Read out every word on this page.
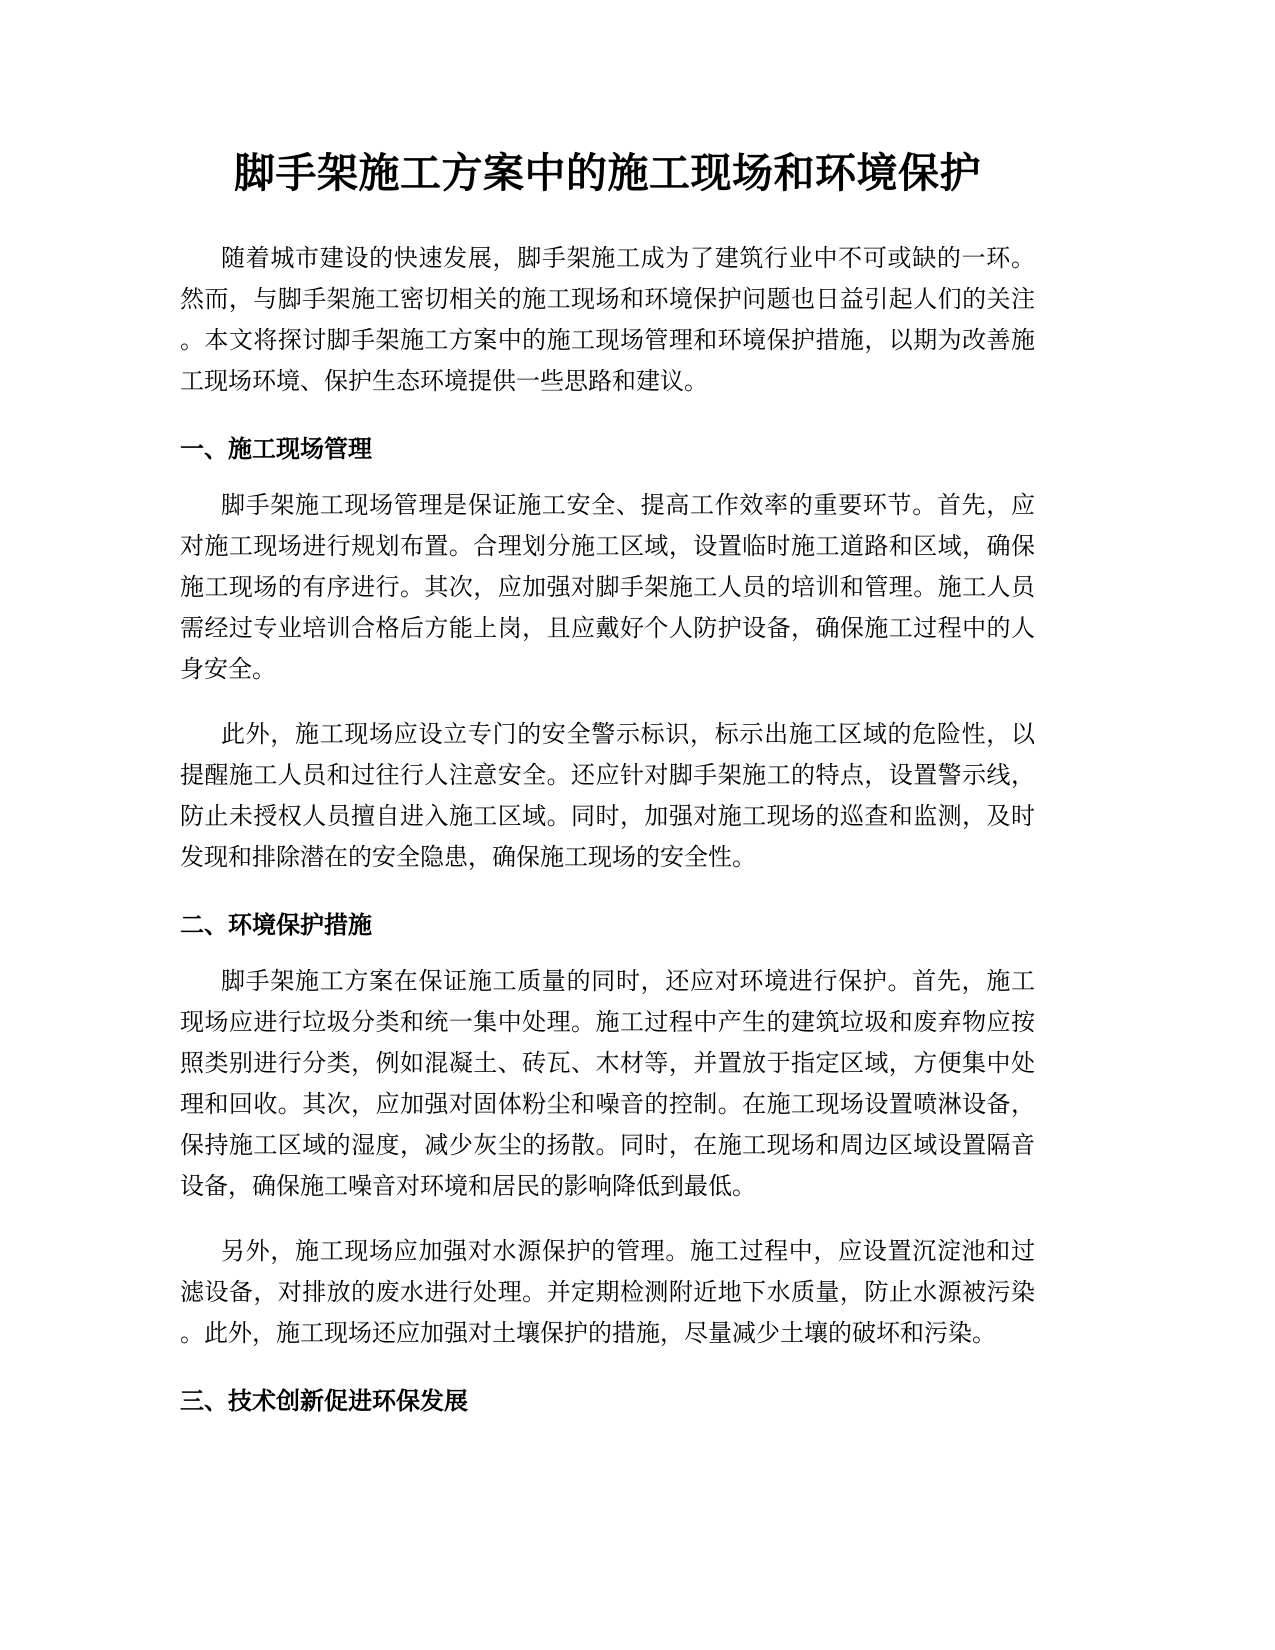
脚手架施工方案中的施工现场和环境保护

随着城市建设的快速发展，脚手架施工成为了建筑行业中不可或缺的一环。然而，与脚手架施工密切相关的施工现场和环境保护问题也日益引起人们的关注。本文将探讨脚手架施工方案中的施工现场管理和环境保护措施，以期为改善施工现场环境、保护生态环境提供一些思路和建议。

一、施工现场管理

脚手架施工现场管理是保证施工安全、提高工作效率的重要环节。首先，应对施工现场进行规划布置。合理划分施工区域，设置临时施工道路和区域，确保施工现场的有序进行。其次，应加强对脚手架施工人员的培训和管理。施工人员需经过专业培训合格后方能上岗，且应戴好个人防护设备，确保施工过程中的人身安全。

此外，施工现场应设立专门的安全警示标识，标示出施工区域的危险性，以提醒施工人员和过往行人注意安全。还应针对脚手架施工的特点，设置警示线，防止未授权人员擅自进入施工区域。同时，加强对施工现场的巡查和监测，及时发现和排除潜在的安全隐患，确保施工现场的安全性。

二、环境保护措施

脚手架施工方案在保证施工质量的同时，还应对环境进行保护。首先，施工现场应进行垃圾分类和统一集中处理。施工过程中产生的建筑垃圾和废弃物应按照类别进行分类，例如混凝土、砖瓦、木材等，并置放于指定区域，方便集中处理和回收。其次，应加强对固体粉尘和噪音的控制。在施工现场设置喷淋设备，保持施工区域的湿度，减少灰尘的扬散。同时，在施工现场和周边区域设置隔音设备，确保施工噪音对环境和居民的影响降低到最低。

另外，施工现场应加强对水源保护的管理。施工过程中，应设置沉淀池和过滤设备，对排放的废水进行处理。并定期检测附近地下水质量，防止水源被污染。此外，施工现场还应加强对土壤保护的措施，尽量减少土壤的破坏和污染。

三、技术创新促进环保发展
